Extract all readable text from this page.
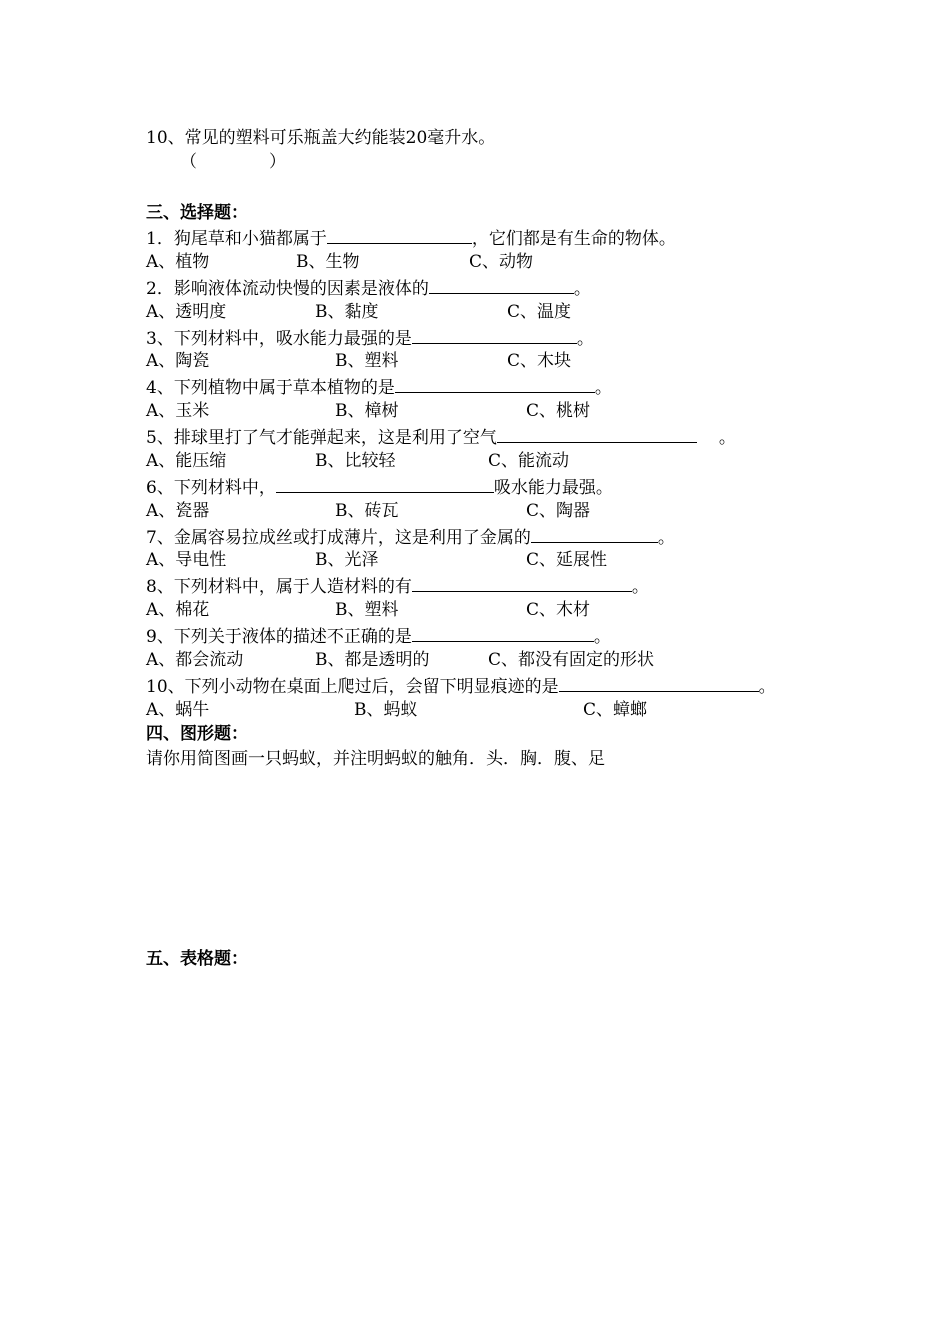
10、常见的塑料可乐瓶盖大约能装20毫升水。
（	）
三、选择题：
1．狗尾草和小猫都属于	，它们都是有生命的物体。
A、植物	B、生物	C、动物
2．影响液体流动快慢的因素是液体的	。
A、透明度	B、黏度	C、温度
3、下列材料中，吸水能力最强的是	。
A、陶瓷	B、塑料	C、木块
4、下列植物中属于草本植物的是	。
A、玉米	B、樟树	C、桃树
5、排球里打了气才能弹起来，这是利用了空气	。
A、能压缩	B、比较轻	C、能流动
6、下列材料中，	吸水能力最强。
A、瓷器	B、砖瓦	C、陶器
7、金属容易拉成丝或打成薄片，这是利用了金属的	。
A、导电性	B、光泽	C、延展性
8、下列材料中，属于人造材料的有	。
A、棉花	B、塑料	C、木材
9、下列关于液体的描述不正确的是	。
A、都会流动	B、都是透明的	C、都没有固定的形状
10、下列小动物在桌面上爬过后，会留下明显痕迹的是	。
A、蜗牛	B、蚂蚁	C、蟑螂
四、图形题：
请你用简图画一只蚂蚁，并注明蚂蚁的触角．头．胸．腹、足
五、表格题：
